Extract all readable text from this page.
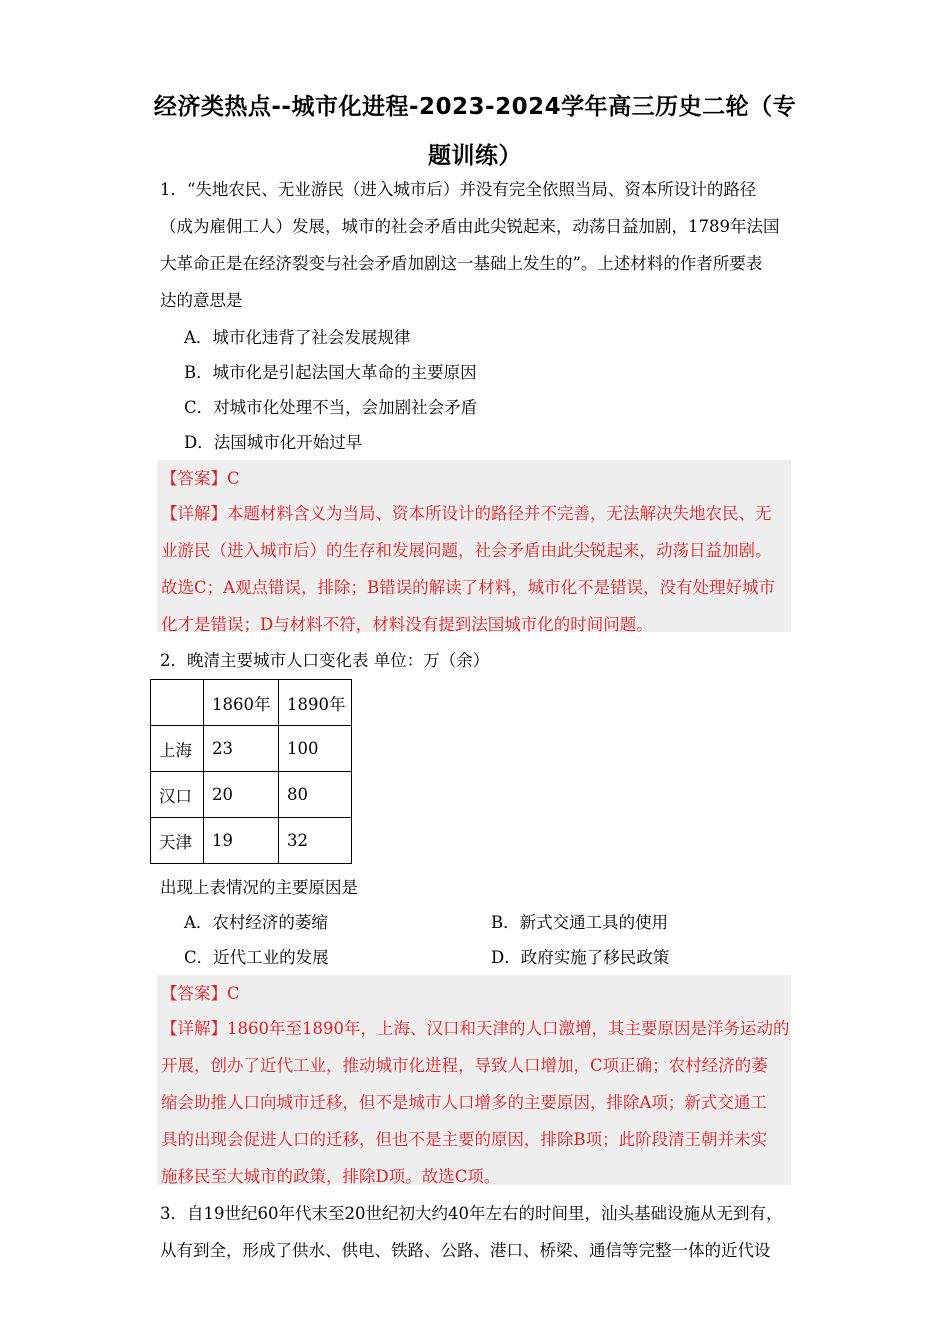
经济类热点--城市化进程-2023-2024学年高三历史二轮（专
题训练）
1．“失地农民、无业游民（进入城市后）并没有完全依照当局、资本所设计的路径
（成为雇佣工人）发展，城市的社会矛盾由此尖锐起来，动荡日益加剧，1789年法国
大革命正是在经济裂变与社会矛盾加剧这一基础上发生的”。上述材料的作者所要表
达的意思是
A．城市化违背了社会发展规律
B．城市化是引起法国大革命的主要原因
C．对城市化处理不当，会加剧社会矛盾
D．法国城市化开始过早
【答案】C
【详解】本题材料含义为当局、资本所设计的路径并不完善，无法解决失地农民、无
业游民（进入城市后）的生存和发展问题，社会矛盾由此尖锐起来，动荡日益加剧。
故选C；A观点错误，排除；B错误的解读了材料，城市化不是错误，没有处理好城市
化才是错误；D与材料不符，材料没有提到法国城市化的时间问题。
2．晚清主要城市人口变化表 单位：万（余）
	1860年	1890年
上海	23	100
汉口	20	80
天津	19	32
出现上表情况的主要原因是
A．农村经济的萎缩	B．新式交通工具的使用
C．近代工业的发展	D．政府实施了移民政策
【答案】C
【详解】1860年至1890年，上海、汉口和天津的人口激增，其主要原因是洋务运动的
开展，创办了近代工业，推动城市化进程，导致人口增加，C项正确；农村经济的萎
缩会助推人口向城市迁移，但不是城市人口增多的主要原因，排除A项；新式交通工
具的出现会促进人口的迁移，但也不是主要的原因，排除B项；此阶段清王朝并未实
施移民至大城市的政策，排除D项。故选C项。
3．自19世纪60年代末至20世纪初大约40年左右的时间里，汕头基础设施从无到有，
从有到全，形成了供水、供电、铁路、公路、港口、桥梁、通信等完整一体的近代设
